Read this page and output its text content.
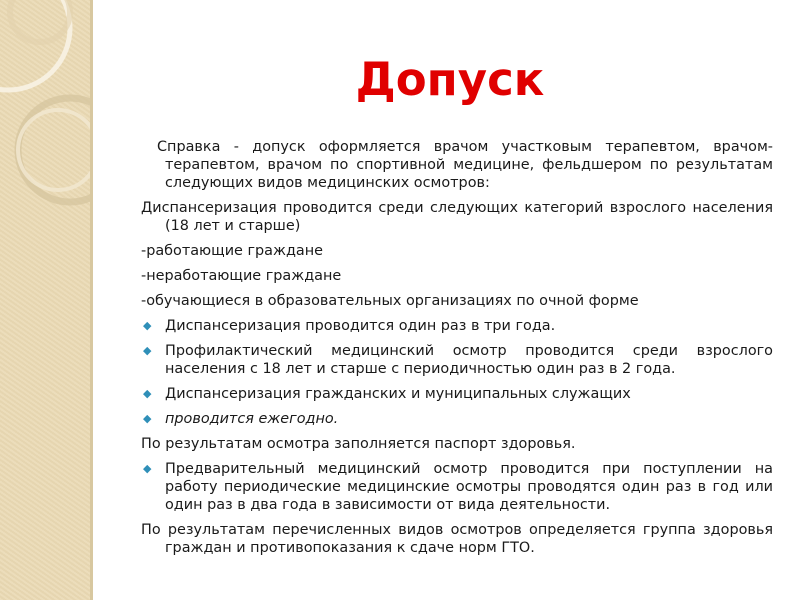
Допуск

Справка - допуск оформляется врачом участковым терапевтом, врачом-терапевтом, врачом по спортивной медицине, фельдшером по результатам следующих видов медицинских осмотров:

Диспансеризация проводится среди следующих категорий взрослого населения (18 лет и старше)

-работающие граждане

-неработающие граждане

-обучающиеся в образовательных организациях по очной форме

◆ Диспансеризация проводится один раз в три года.
◆ Профилактический медицинский осмотр проводится среди взрослого населения с 18 лет и старше с периодичностью один раз в 2 года.
◆ Диспансеризация гражданских и муниципальных служащих
◆ проводится ежегодно.

По результатам осмотра заполняется паспорт здоровья.

◆ Предварительный медицинский осмотр проводится при поступлении на работу периодические медицинские осмотры проводятся один раз в год или один раз в два года в зависимости от вида деятельности.

По результатам перечисленных видов осмотров определяется группа здоровья граждан и противопоказания к сдаче норм ГТО.
